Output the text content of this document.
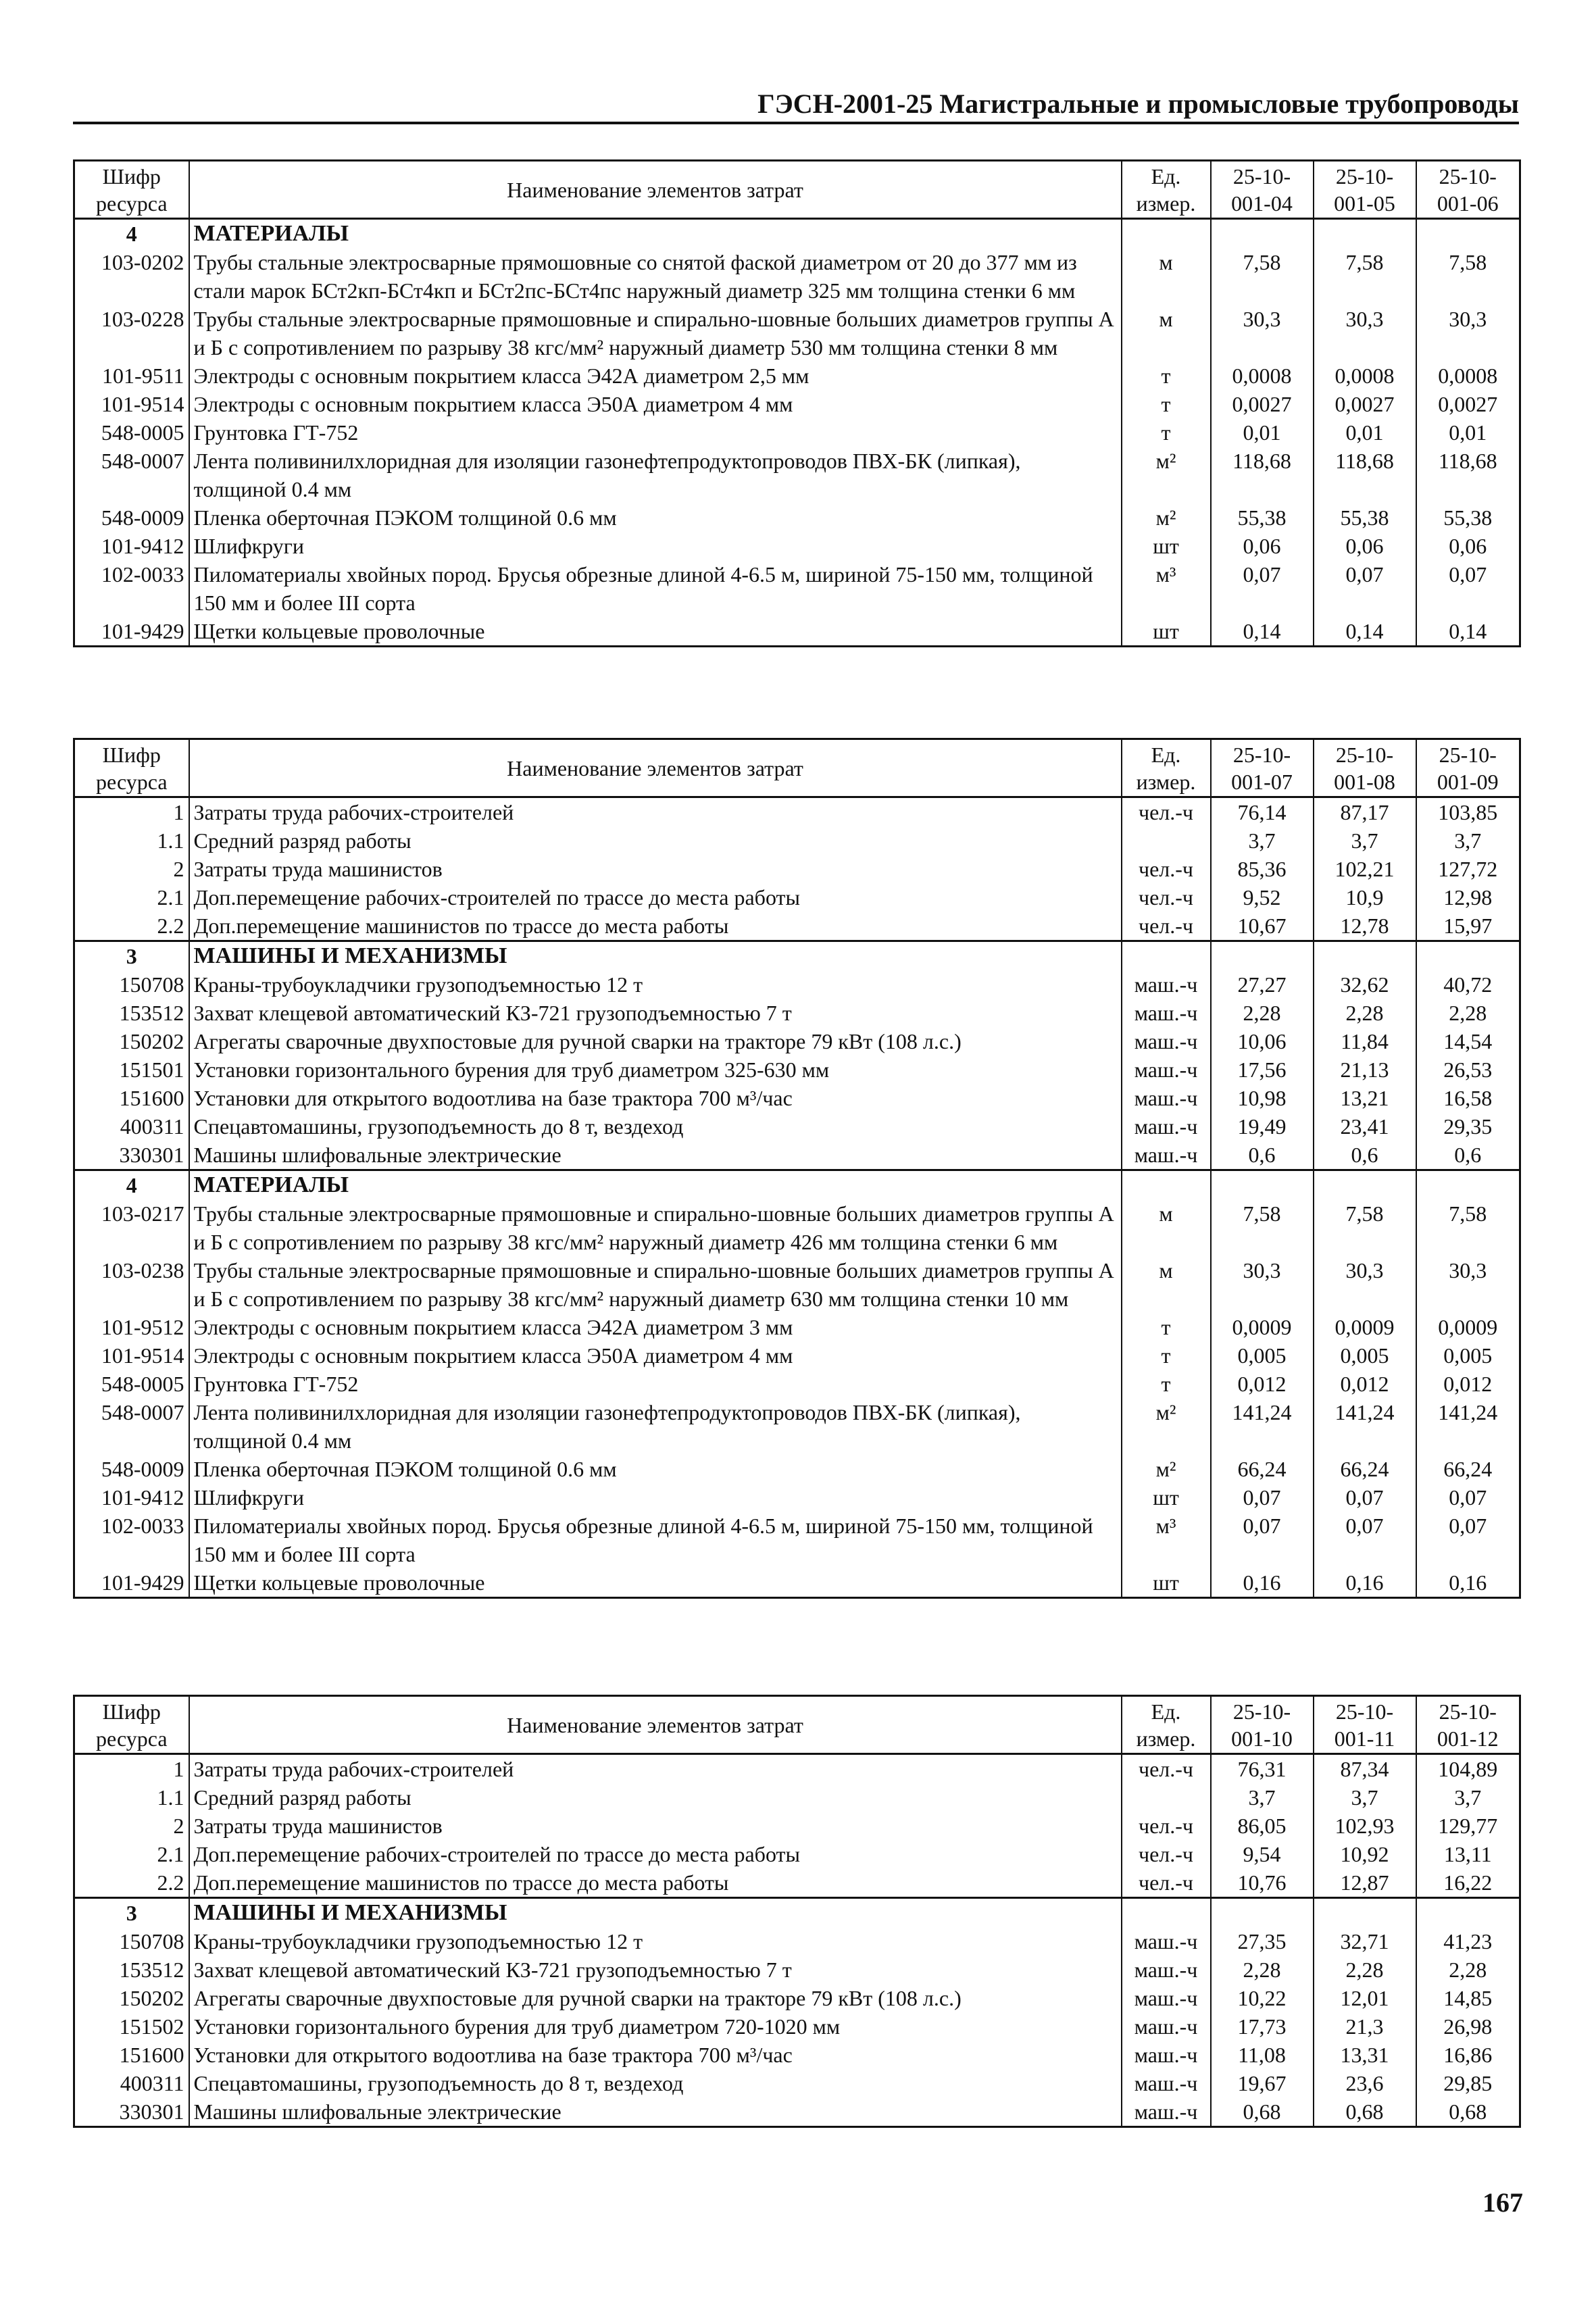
ГЭСН-2001-25 Магистральные и промысловые трубопроводы
Шифр ресурса	Наименование элементов затрат	Ед. измер.	25-10-001-04	25-10-001-05	25-10-001-06
4	МАТЕРИАЛЫ				
103-0202	Трубы стальные электросварные прямошовные со снятой фаской диаметром от 20 до 377 мм из стали марок БСт2кп-БСт4кп и БСт2пс-БСт4пс наружный диаметр 325 мм толщина стенки 6 мм	м	7,58	7,58	7,58
103-0228	Трубы стальные электросварные прямошовные и спирально-шовные больших диаметров группы А и Б с сопротивлением по разрыву 38 кгс/мм² наружный диаметр 530 мм толщина стенки 8 мм	м	30,3	30,3	30,3
101-9511	Электроды с основным покрытием класса Э42А диаметром 2,5 мм	т	0,0008	0,0008	0,0008
101-9514	Электроды с основным покрытием класса Э50А диаметром 4 мм	т	0,0027	0,0027	0,0027
548-0005	Грунтовка ГТ-752	т	0,01	0,01	0,01
548-0007	Лента поливинилхлоридная для изоляции газонефтепродуктопроводов ПВХ-БК (липкая), толщиной 0.4 мм	м²	118,68	118,68	118,68
548-0009	Пленка оберточная ПЭКОМ толщиной 0.6 мм	м²	55,38	55,38	55,38
101-9412	Шлифкруги	шт	0,06	0,06	0,06
102-0033	Пиломатериалы хвойных пород. Брусья обрезные длиной 4-6.5 м, шириной 75-150 мм, толщиной 150 мм и более III сорта	м³	0,07	0,07	0,07
101-9429	Щетки кольцевые проволочные	шт	0,14	0,14	0,14
Шифр ресурса	Наименование элементов затрат	Ед. измер.	25-10-001-07	25-10-001-08	25-10-001-09
1	Затраты труда рабочих-строителей	чел.-ч	76,14	87,17	103,85
1.1	Средний разряд работы		3,7	3,7	3,7
2	Затраты труда машинистов	чел.-ч	85,36	102,21	127,72
2.1	Доп.перемещение рабочих-строителей по трассе до места работы	чел.-ч	9,52	10,9	12,98
2.2	Доп.перемещение машинистов по трассе до места работы	чел.-ч	10,67	12,78	15,97
3	МАШИНЫ И МЕХАНИЗМЫ				
150708	Краны-трубоукладчики грузоподъемностью 12 т	маш.-ч	27,27	32,62	40,72
153512	Захват клещевой автоматический КЗ-721 грузоподъемностью 7 т	маш.-ч	2,28	2,28	2,28
150202	Агрегаты сварочные двухпостовые для ручной сварки на тракторе 79 кВт (108 л.с.)	маш.-ч	10,06	11,84	14,54
151501	Установки горизонтального бурения для труб диаметром 325-630 мм	маш.-ч	17,56	21,13	26,53
151600	Установки для открытого водоотлива на базе трактора 700 м³/час	маш.-ч	10,98	13,21	16,58
400311	Спецавтомашины, грузоподъемность до 8 т, вездеход	маш.-ч	19,49	23,41	29,35
330301	Машины шлифовальные электрические	маш.-ч	0,6	0,6	0,6
4	МАТЕРИАЛЫ				
103-0217	Трубы стальные электросварные прямошовные и спирально-шовные больших диаметров группы А и Б с сопротивлением по разрыву 38 кгс/мм² наружный диаметр 426 мм толщина стенки 6 мм	м	7,58	7,58	7,58
103-0238	Трубы стальные электросварные прямошовные и спирально-шовные больших диаметров группы А и Б с сопротивлением по разрыву 38 кгс/мм² наружный диаметр 630 мм толщина стенки 10 мм	м	30,3	30,3	30,3
101-9512	Электроды с основным покрытием класса Э42А диаметром 3 мм	т	0,0009	0,0009	0,0009
101-9514	Электроды с основным покрытием класса Э50А диаметром 4 мм	т	0,005	0,005	0,005
548-0005	Грунтовка ГТ-752	т	0,012	0,012	0,012
548-0007	Лента поливинилхлоридная для изоляции газонефтепродуктопроводов ПВХ-БК (липкая), толщиной 0.4 мм	м²	141,24	141,24	141,24
548-0009	Пленка оберточная ПЭКОМ толщиной 0.6 мм	м²	66,24	66,24	66,24
101-9412	Шлифкруги	шт	0,07	0,07	0,07
102-0033	Пиломатериалы хвойных пород. Брусья обрезные длиной 4-6.5 м, шириной 75-150 мм, толщиной 150 мм и более III сорта	м³	0,07	0,07	0,07
101-9429	Щетки кольцевые проволочные	шт	0,16	0,16	0,16
Шифр ресурса	Наименование элементов затрат	Ед. измер.	25-10-001-10	25-10-001-11	25-10-001-12
1	Затраты труда рабочих-строителей	чел.-ч	76,31	87,34	104,89
1.1	Средний разряд работы		3,7	3,7	3,7
2	Затраты труда машинистов	чел.-ч	86,05	102,93	129,77
2.1	Доп.перемещение рабочих-строителей по трассе до места работы	чел.-ч	9,54	10,92	13,11
2.2	Доп.перемещение машинистов по трассе до места работы	чел.-ч	10,76	12,87	16,22
3	МАШИНЫ И МЕХАНИЗМЫ				
150708	Краны-трубоукладчики грузоподъемностью 12 т	маш.-ч	27,35	32,71	41,23
153512	Захват клещевой автоматический КЗ-721 грузоподъемностью 7 т	маш.-ч	2,28	2,28	2,28
150202	Агрегаты сварочные двухпостовые для ручной сварки на тракторе 79 кВт (108 л.с.)	маш.-ч	10,22	12,01	14,85
151502	Установки горизонтального бурения для труб диаметром 720-1020 мм	маш.-ч	17,73	21,3	26,98
151600	Установки для открытого водоотлива на базе трактора 700 м³/час	маш.-ч	11,08	13,31	16,86
400311	Спецавтомашины, грузоподъемность до 8 т, вездеход	маш.-ч	19,67	23,6	29,85
330301	Машины шлифовальные электрические	маш.-ч	0,68	0,68	0,68
167
